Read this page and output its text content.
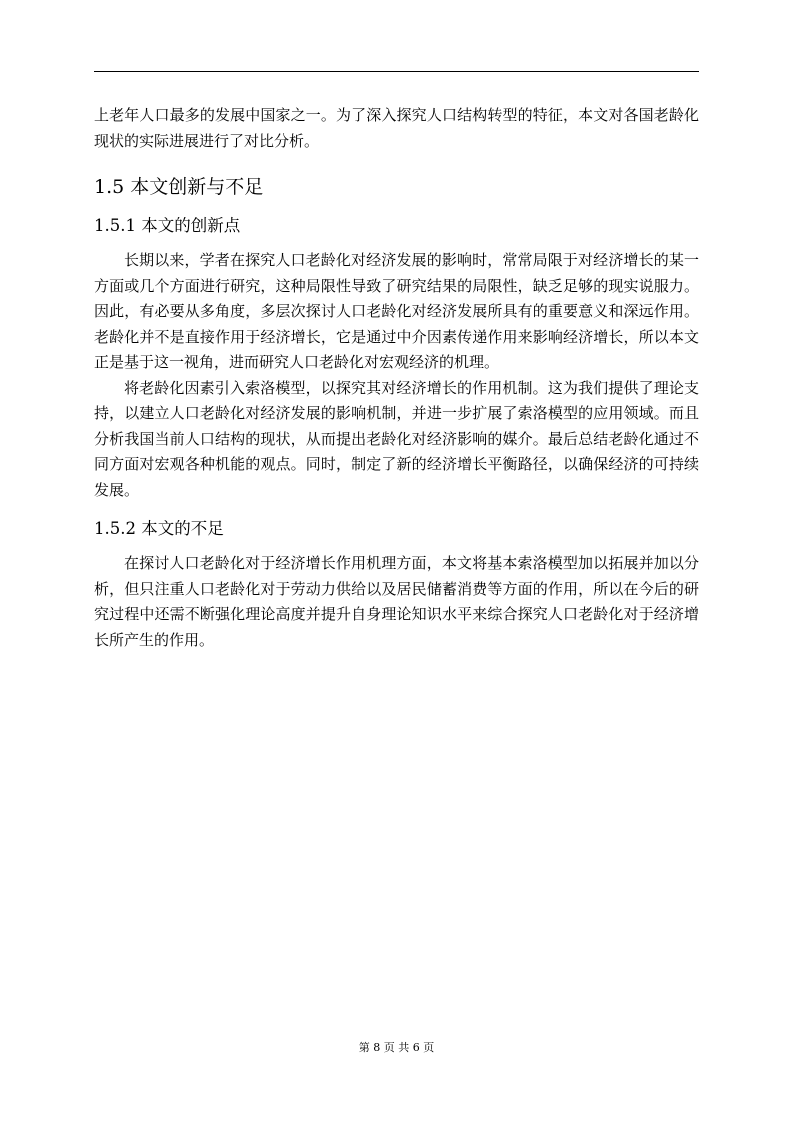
上老年人口最多的发展中国家之一。为了深入探究人口结构转型的特征，本文对各国老龄化现状的实际进展进行了对比分析。

1.5 本文创新与不足
1.5.1 本文的创新点

长期以来，学者在探究人口老龄化对经济发展的影响时，常常局限于对经济增长的某一方面或几个方面进行研究，这种局限性导致了研究结果的局限性，缺乏足够的现实说服力。因此，有必要从多角度，多层次探讨人口老龄化对经济发展所具有的重要意义和深远作用。老龄化并不是直接作用于经济增长，它是通过中介因素传递作用来影响经济增长，所以本文正是基于这一视角，进而研究人口老龄化对宏观经济的机理。

将老龄化因素引入索洛模型，以探究其对经济增长的作用机制。这为我们提供了理论支持，以建立人口老龄化对经济发展的影响机制，并进一步扩展了索洛模型的应用领域。而且分析我国当前人口结构的现状，从而提出老龄化对经济影响的媒介。最后总结老龄化通过不同方面对宏观各种机能的观点。同时，制定了新的经济增长平衡路径，以确保经济的可持续发展。

1.5.2 本文的不足

在探讨人口老龄化对于经济增长作用机理方面，本文将基本索洛模型加以拓展并加以分析，但只注重人口老龄化对于劳动力供给以及居民储蓄消费等方面的作用，所以在今后的研究过程中还需不断强化理论高度并提升自身理论知识水平来综合探究人口老龄化对于经济增长所产生的作用。

第 8 页 共 6 页
